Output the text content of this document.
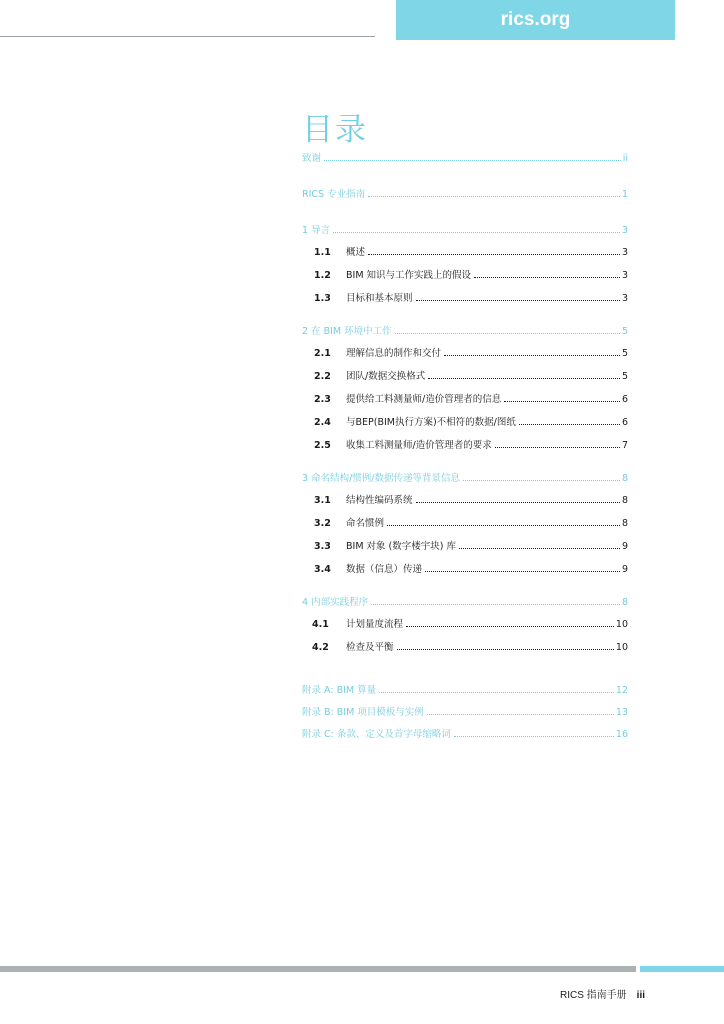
rics.org
目录
致谢	ii
RICS 专业指南	1
1 导言	3
1.1	概述	3
1.2	BIM 知识与工作实践上的假设	3
1.3	目标和基本原则	3
2 在 BIM 环境中工作	5
2.1	理解信息的制作和交付	5
2.2	团队/数据交换格式	5
2.3	提供给工料测量师/造价管理者的信息	6
2.4	与BEP(BIM执行方案)不相符的数据/图纸	6
2.5	收集工料测量师/造价管理者的要求	7
3 命名结构/惯例/数据传递等背景信息	8
3.1	结构性编码系统	8
3.2	命名惯例	8
3.3	BIM 对象 (数字楼宇块) 库	9
3.4	数据（信息）传递	9
4 内部实践程序	8
4.1	计划量度流程	10
4.2	检查及平衡	10
附录 A: BIM 算量	12
附录 B: BIM 项目模板与实例	13
附录 C: 条款、定义及首字母缩略词	16
RICS 指南手册 iii
